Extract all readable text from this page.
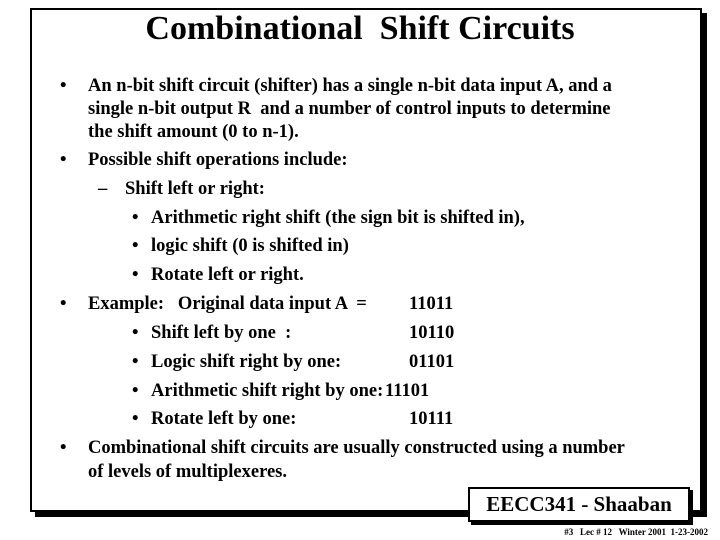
Combinational  Shift Circuits
• An n-bit shift circuit (shifter) has a single n-bit data input A, and a
single n-bit output R  and a number of control inputs to determine
the shift amount (0 to n-1).
• Possible shift operations include:
– Shift left or right:
• Arithmetic right shift (the sign bit is shifted in),
• logic shift (0 is shifted in)
• Rotate left or right.
• Example:   Original data input A  = 11011
• Shift left by one  :	10110
• Logic shift right by one:	01101
• Arithmetic shift right by one: 11101
• Rotate left by one:	10111
• Combinational shift circuits are usually constructed using a number
of levels of multiplexeres.
EECC341 - Shaaban
#3   Lec # 12   Winter 2001  1-23-2002
